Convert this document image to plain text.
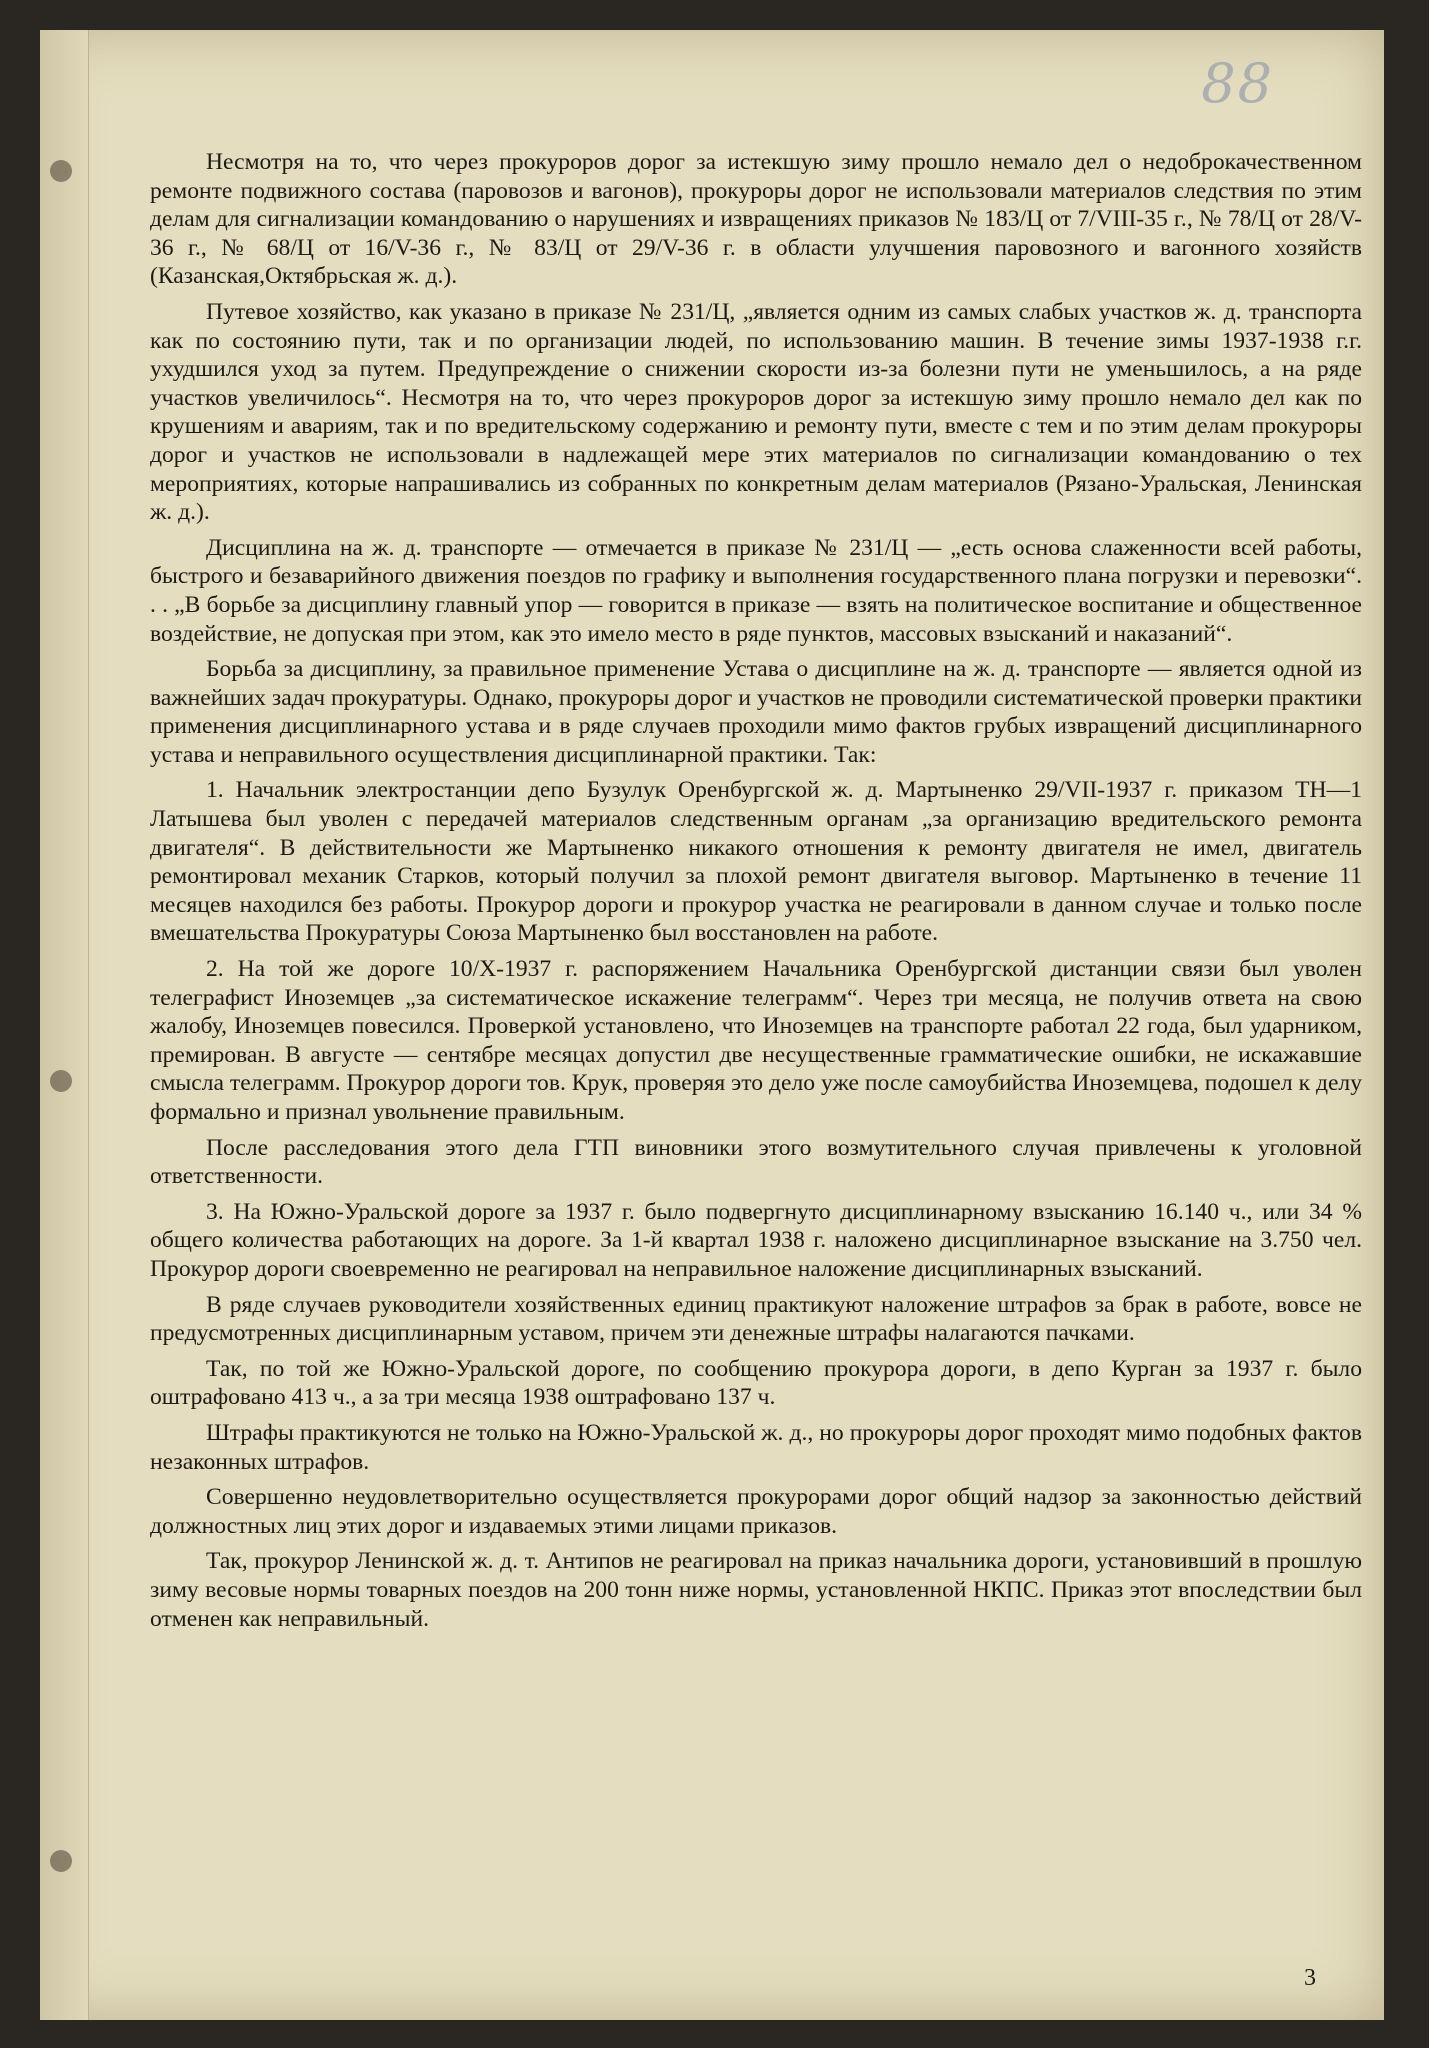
88

Несмотря на то, что через прокуроров дорог за истекшую зиму прошло немало дел о недоброкачественном ремонте подвижного состава (паровозов и вагонов), прокуроры дорог не использовали материалов следствия по этим делам для сигнализации командованию о нарушениях и извращениях приказов № 183/Ц от 7/VIII-35 г., № 78/Ц от 28/V-36 г., № 68/Ц от 16/V-36 г., № 83/Ц от 29/V-36 г. в области улучшения паровозного и вагонного хозяйств (Казанская,Октябрьская ж. д.).

Путевое хозяйство, как указано в приказе № 231/Ц, „является одним из самых слабых участков ж. д. транспорта как по состоянию пути, так и по организации людей, по использованию машин. В течение зимы 1937-1938 г.г. ухудшился уход за путем. Предупреждение о снижении скорости из-за болезни пути не уменьшилось, а на ряде участков увеличилось“. Несмотря на то, что через прокуроров дорог за истекшую зиму прошло немало дел как по крушениям и авариям, так и по вредительскому содержанию и ремонту пути, вместе с тем и по этим делам прокуроры дорог и участков не использовали в надлежащей мере этих материалов по сигнализации командованию о тех мероприятиях, которые напрашивались из собранных по конкретным делам материалов (Рязано-Уральская, Ленинская ж. д.).

Дисциплина на ж. д. транспорте — отмечается в приказе № 231/Ц — „есть основа слаженности всей работы, быстрого и безаварийного движения поездов по графику и выполнения государственного плана погрузки и перевозки“. . . „В борьбе за дисциплину главный упор — говорится в приказе — взять на политическое воспитание и общественное воздействие, не допуская при этом, как это имело место в ряде пунктов, массовых взысканий и наказаний“.

Борьба за дисциплину, за правильное применение Устава о дисциплине на ж. д. транспорте — является одной из важнейших задач прокуратуры. Однако, прокуроры дорог и участков не проводили систематической проверки практики применения дисциплинарного устава и в ряде случаев проходили мимо фактов грубых извращений дисциплинарного устава и неправильного осуществления дисциплинарной практики. Так:

1. Начальник электростанции депо Бузулук Оренбургской ж. д. Мартыненко 29/VII-1937 г. приказом ТН—1 Латышева был уволен с передачей материалов следственным органам „за организацию вредительского ремонта двигателя“. В действительности же Мартыненко никакого отношения к ремонту двигателя не имел, двигатель ремонтировал механик Старков, который получил за плохой ремонт двигателя выговор. Мартыненко в течение 11 месяцев находился без работы. Прокурор дороги и прокурор участка не реагировали в данном случае и только после вмешательства Прокуратуры Союза Мартыненко был восстановлен на работе.

2. На той же дороге 10/X-1937 г. распоряжением Начальника Оренбургской дистанции связи был уволен телеграфист Иноземцев „за систематическое искажение телеграмм“. Через три месяца, не получив ответа на свою жалобу, Иноземцев повесился. Проверкой установлено, что Иноземцев на транспорте работал 22 года, был ударником, премирован. В августе — сентябре месяцах допустил две несущественные грамматические ошибки, не искажавшие смысла телеграмм. Прокурор дороги тов. Крук, проверяя это дело уже после самоубийства Иноземцева, подошел к делу формально и признал увольнение правильным.

После расследования этого дела ГТП виновники этого возмутительного случая привлечены к уголовной ответственности.

3. На Южно-Уральской дороге за 1937 г. было подвергнуто дисциплинарному взысканию 16.140 ч., или 34 % общего количества работающих на дороге. За 1-й квартал 1938 г. наложено дисциплинарное взыскание на 3.750 чел. Прокурор дороги своевременно не реагировал на неправильное наложение дисциплинарных взысканий.

В ряде случаев руководители хозяйственных единиц практикуют наложение штрафов за брак в работе, вовсе не предусмотренных дисциплинарным уставом, причем эти денежные штрафы налагаются пачками.

Так, по той же Южно-Уральской дороге, по сообщению прокурора дороги, в депо Курган за 1937 г. было оштрафовано 413 ч., а за три месяца 1938 оштрафовано 137 ч.

Штрафы практикуются не только на Южно-Уральской ж. д., но прокуроры дорог проходят мимо подобных фактов незаконных штрафов.

Совершенно неудовлетворительно осуществляется прокурорами дорог общий надзор за законностью действий должностных лиц этих дорог и издаваемых этими лицами приказов.

Так, прокурор Ленинской ж. д. т. Антипов не реагировал на приказ начальника дороги, установивший в прошлую зиму весовые нормы товарных поездов на 200 тонн ниже нормы, установленной НКПС. Приказ этот впоследствии был отменен как неправильный.

3
